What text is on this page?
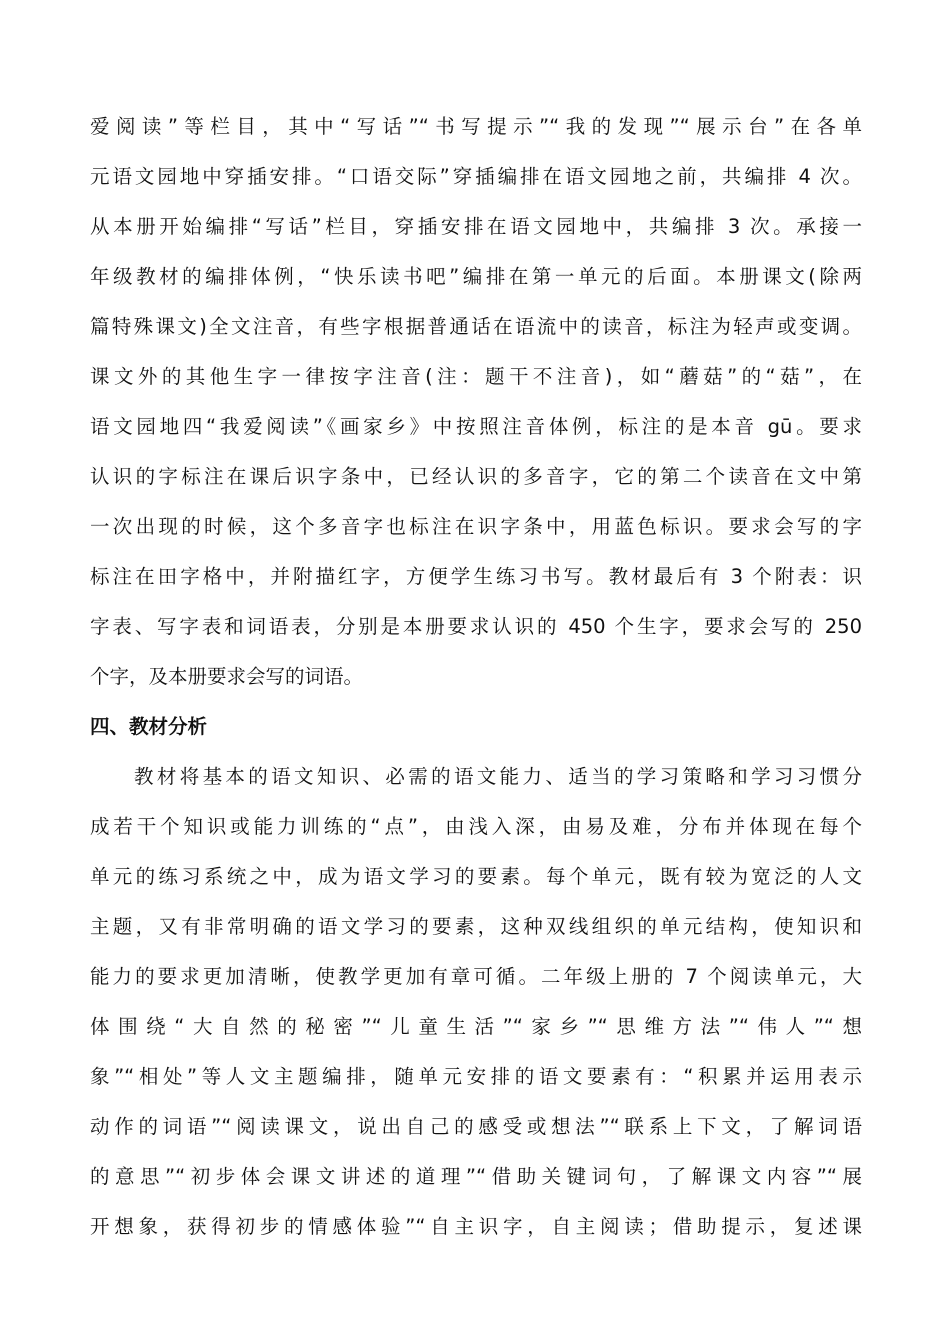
爱阅读”等栏目，其中“写话”“书写提示”“我的发现”“展示台”在各单
元语文园地中穿插安排。“口语交际”穿插编排在语文园地之前，共编排 4 次。
从本册开始编排“写话”栏目，穿插安排在语文园地中，共编排 3 次。承接一
年级教材的编排体例，“快乐读书吧”编排在第一单元的后面。本册课文(除两
篇特殊课文)全文注音，有些字根据普通话在语流中的读音，标注为轻声或变调。
课文外的其他生字一律按字注音(注：题干不注音)，如“蘑菇”的“菇”，在
语文园地四“我爱阅读”《画家乡》中按照注音体例，标注的是本音 gū。要求
认识的字标注在课后识字条中，已经认识的多音字，它的第二个读音在文中第
一次出现的时候，这个多音字也标注在识字条中，用蓝色标识。要求会写的字
标注在田字格中，并附描红字，方便学生练习书写。教材最后有 3 个附表：识
字表、写字表和词语表，分别是本册要求认识的 450 个生字，要求会写的 250
个字，及本册要求会写的词语。
四、教材分析
教材将基本的语文知识、必需的语文能力、适当的学习策略和学习习惯分
成若干个知识或能力训练的“点”，由浅入深，由易及难，分布并体现在每个
单元的练习系统之中，成为语文学习的要素。每个单元，既有较为宽泛的人文
主题，又有非常明确的语文学习的要素，这种双线组织的单元结构，使知识和
能力的要求更加清晰，使教学更加有章可循。二年级上册的 7 个阅读单元，大
体围绕“大自然的秘密”“儿童生活”“家乡”“思维方法”“伟人”“想
象”“相处”等人文主题编排，随单元安排的语文要素有：“积累并运用表示
动作的词语”“阅读课文，说出自己的感受或想法”“联系上下文，了解词语
的意思”“初步体会课文讲述的道理”“借助关键词句，了解课文内容”“展
开想象，获得初步的情感体验”“自主识字，自主阅读；借助提示，复述课
